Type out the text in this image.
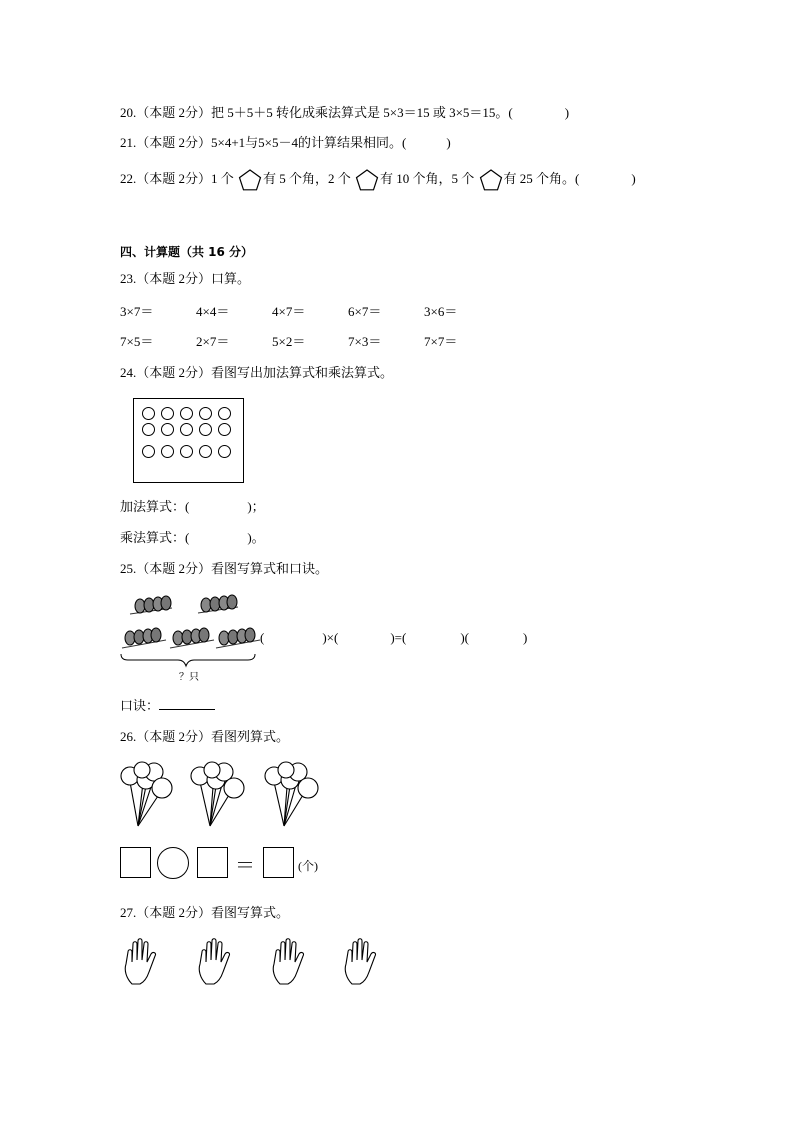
20.（本题 2分）把 5＋5＋5 转化成乘法算式是 5×3＝15 或 3×5＝15。(	)
21.（本题 2分）5×4+1与5×5－4的计算结果相同。(	)
22.（本题 2分）1 个 有 5 个角，2 个 有 10 个角，5 个 有 25 个角。(	)
四、计算题（共 16 分）
23.（本题 2分）口算。
3×7＝	4×4＝	4×7＝	6×7＝	3×6＝
7×5＝	2×7＝	5×2＝	7×3＝	7×7＝
24.（本题 2分）看图写出加法算式和乘法算式。
加法算式：(	)；
乘法算式：(	)。
25.（本题 2分）看图写算式和口诀。
？只
(	)×(	)=(	)(	)
口诀：
26.（本题 2分）看图列算式。
＝	(个)
27.（本题 2分）看图写算式。
